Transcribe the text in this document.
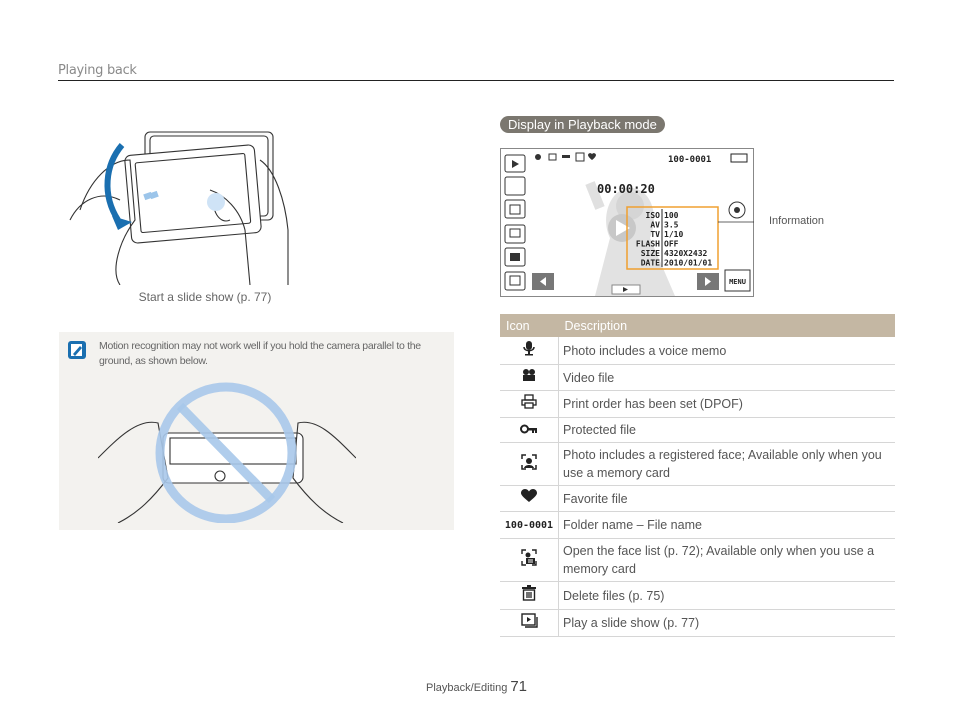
Playing back
Start a slide show (p. 77)
Motion recognition may not work well if you hold the camera parallel to the ground, as shown below.
Display in Playback mode
100-0001
00:00:20
ISO 100
AV 3.5
TV 1/10
FLASH OFF
SIZE 4320X2432
DATE 2010/01/01
MENU
Information
Icon	Description
	Photo includes a voice memo
	Video file
	Print order has been set (DPOF)
	Protected file
	Photo includes a registered face; Available only when you use a memory card
	Favorite file
100-0001	Folder name – File name
	Open the face list (p. 72); Available only when you use a memory card
	Delete files (p. 75)
	Play a slide show (p. 77)
Playback/Editing 71
